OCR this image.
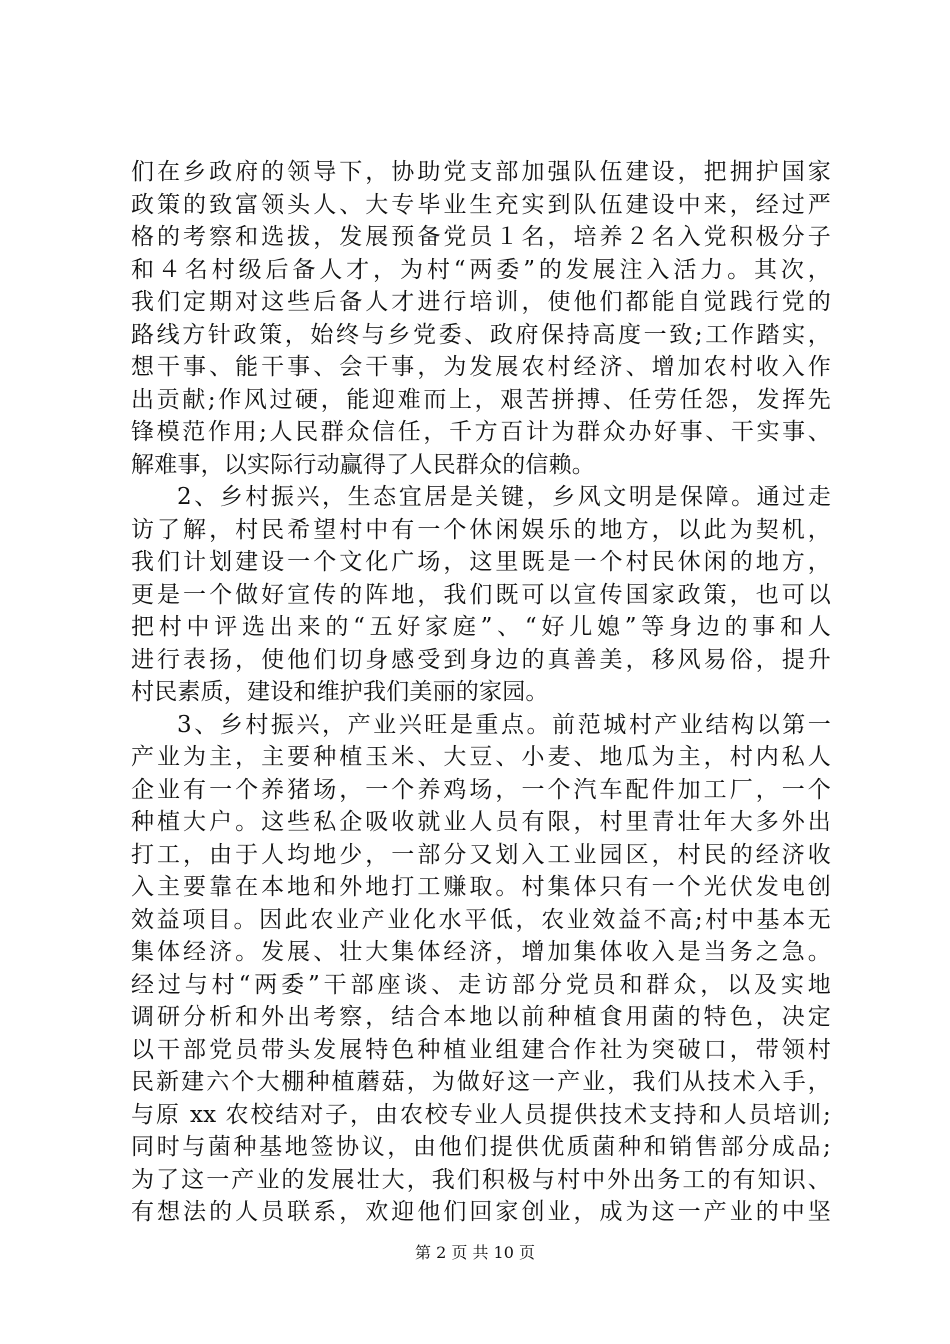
们在乡政府的领导下，协助党支部加强队伍建设，把拥护国家
政策的致富领头人、大专毕业生充实到队伍建设中来，经过严
格的考察和选拔，发展预备党员１名，培养２名入党积极分子
和４名村级后备人才，为村“两委”的发展注入活力。其次，
我们定期对这些后备人才进行培训，使他们都能自觉践行党的
路线方针政策，始终与乡党委、政府保持高度一致;工作踏实，
想干事、能干事、会干事，为发展农村经济、增加农村收入作
出贡献;作风过硬，能迎难而上，艰苦拼搏、任劳任怨，发挥先
锋模范作用;人民群众信任，千方百计为群众办好事、干实事、
解难事，以实际行动赢得了人民群众的信赖。
2、乡村振兴，生态宜居是关键，乡风文明是保障。通过走
访了解，村民希望村中有一个休闲娱乐的地方，以此为契机，
我们计划建设一个文化广场，这里既是一个村民休闲的地方，
更是一个做好宣传的阵地，我们既可以宣传国家政策，也可以
把村中评选出来的“五好家庭”、“好儿媳”等身边的事和人
进行表扬，使他们切身感受到身边的真善美，移风易俗，提升
村民素质，建设和维护我们美丽的家园。
3、乡村振兴，产业兴旺是重点。前范城村产业结构以第一
产业为主，主要种植玉米、大豆、小麦、地瓜为主，村内私人
企业有一个养猪场，一个养鸡场，一个汽车配件加工厂，一个
种植大户。这些私企吸收就业人员有限，村里青壮年大多外出
打工，由于人均地少，一部分又划入工业园区，村民的经济收
入主要靠在本地和外地打工赚取。村集体只有一个光伏发电创
效益项目。因此农业产业化水平低，农业效益不高;村中基本无
集体经济。发展、壮大集体经济，增加集体收入是当务之急。
经过与村“两委”干部座谈、走访部分党员和群众，以及实地
调研分析和外出考察，结合本地以前种植食用菌的特色，决定
以干部党员带头发展特色种植业组建合作社为突破口，带领村
民新建六个大棚种植蘑菇，为做好这一产业，我们从技术入手，
与原 xx 农校结对子，由农校专业人员提供技术支持和人员培训;
同时与菌种基地签协议，由他们提供优质菌种和销售部分成品;
为了这一产业的发展壮大，我们积极与村中外出务工的有知识、
有想法的人员联系，欢迎他们回家创业，成为这一产业的中坚
第 2 页 共 10 页
